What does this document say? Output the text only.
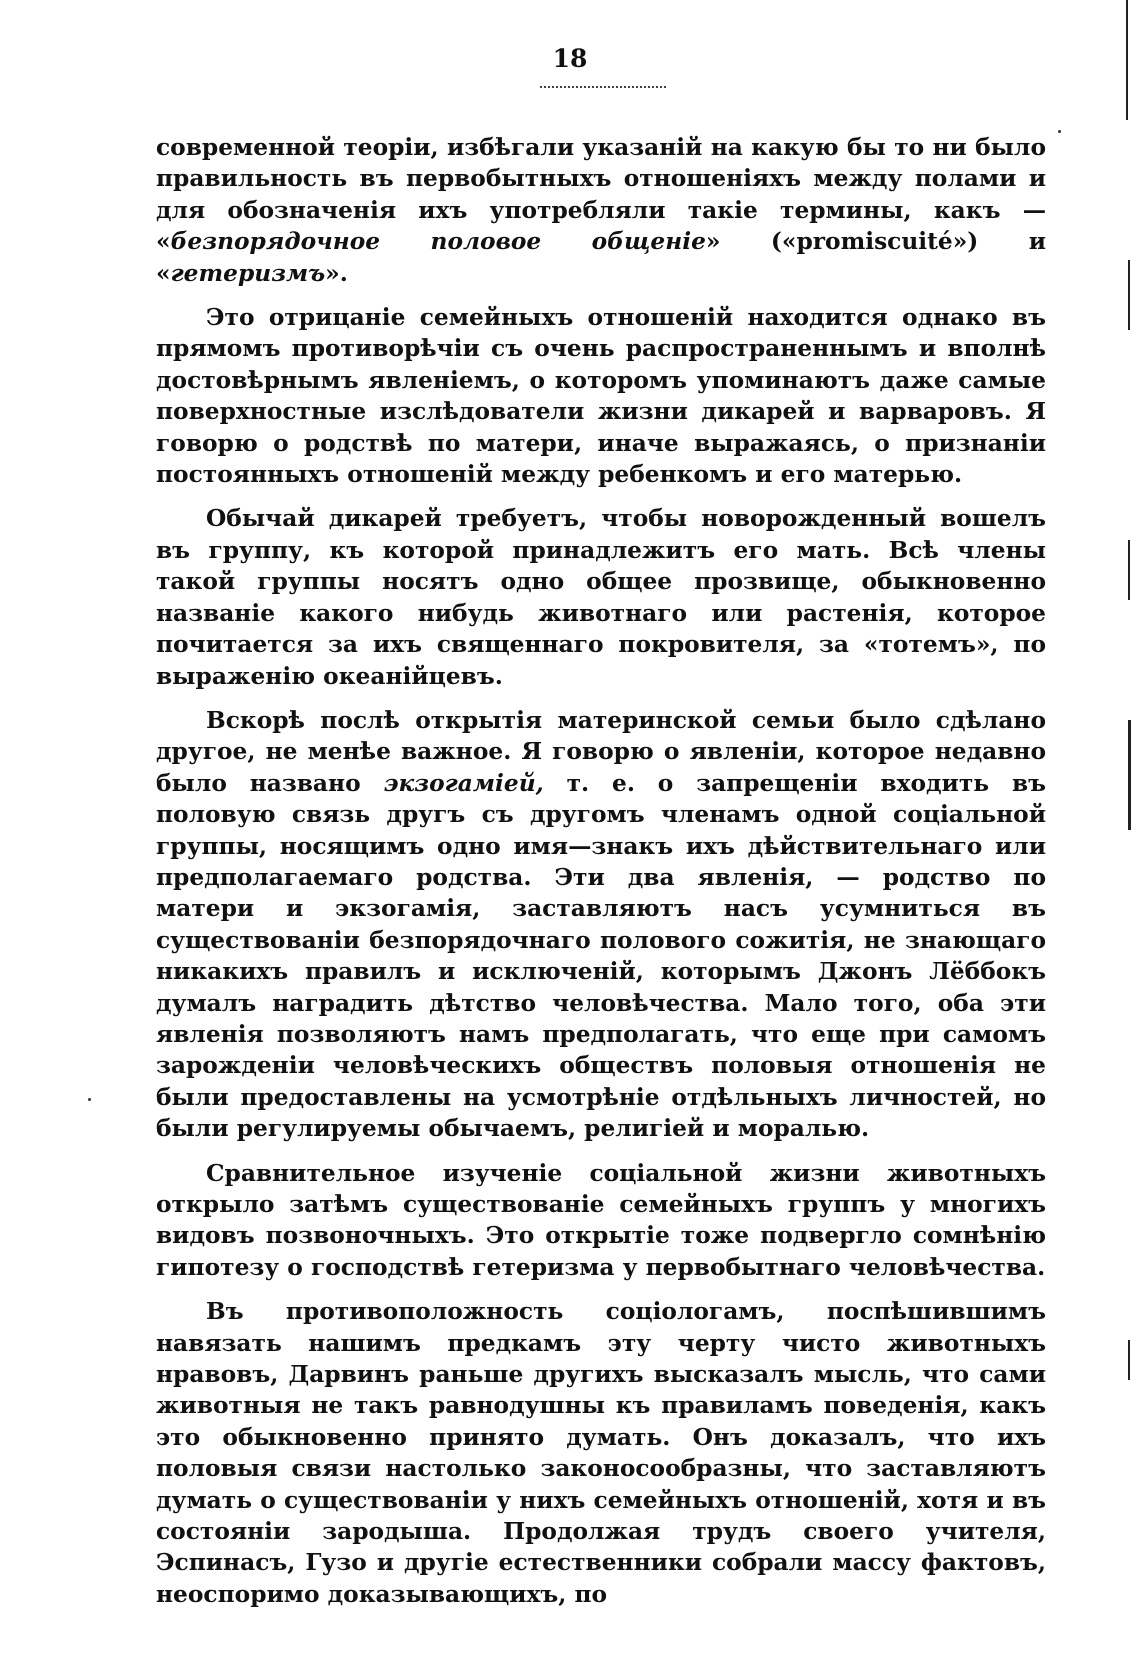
18

современной теоріи, избѣгали указаній на какую бы то ни было правильность въ первобытныхъ отношеніяхъ между полами и для обозначенія ихъ употребляли такіе термины, какъ — «безпорядочное половое общеніе» («promiscuité») и «гетеризмъ».

Это отрицаніе семейныхъ отношеній находится однако въ прямомъ противорѣчіи съ очень распространеннымъ и вполнѣ достовѣрнымъ явленіемъ, о которомъ упоминаютъ даже самые поверхностные изслѣдователи жизни дикарей и варваровъ. Я говорю о родствѣ по матери, иначе выражаясь, о признаніи постоянныхъ отношеній между ребенкомъ и его матерью.

Обычай дикарей требуетъ, чтобы новорожденный вошелъ въ группу, къ которой принадлежитъ его мать. Всѣ члены такой группы носятъ одно общее прозвище, обыкновенно названіе какого нибудь животнаго или растенія, которое почитается за ихъ священнаго покровителя, за «тотемъ», по выраженію океанійцевъ.

Вскорѣ послѣ открытія материнской семьи было сдѣлано другое, не менѣе важное. Я говорю о явленіи, которое недавно было названо экзогамiей, т. е. о запрещеніи входить въ половую связь другъ съ другомъ членамъ одной соціальной группы, носящимъ одно имя—знакъ ихъ дѣйствительнаго или предполагаемаго родства. Эти два явленія, — родство по матери и экзогамія, заставляютъ насъ усумниться въ существованіи безпорядочнаго полового сожитія, не знающаго никакихъ правилъ и исключеній, которымъ Джонъ Лёббокъ думалъ наградить дѣтство человѣчества. Мало того, оба эти явленія позволяютъ намъ предполагать, что еще при самомъ зарожденіи человѣческихъ обществъ половыя отношенія не были предоставлены на усмотрѣніе отдѣльныхъ личностей, но были регулируемы обычаемъ, религіей и моралью.

Сравнительное изученіе соціальной жизни животныхъ открыло затѣмъ существованіе семейныхъ группъ у многихъ видовъ позвоночныхъ. Это открытіе тоже подвергло сомнѣнію гипотезу о господствѣ гетеризма у первобытнаго человѣчества.

Въ противоположность соціологамъ, поспѣшившимъ навязать нашимъ предкамъ эту черту чисто животныхъ нравовъ, Дарвинъ раньше другихъ высказалъ мысль, что сами животныя не такъ равнодушны къ правиламъ поведенія, какъ это обыкновенно принято думать. Онъ доказалъ, что ихъ половыя связи настолько законосообразны, что заставляютъ думать о существованіи у нихъ семейныхъ отношеній, хотя и въ состояніи зародыша. Продолжая трудъ своего учителя, Эспинасъ, Гузо и другіе естественники собрали массу фактовъ, неоспоримо доказывающихъ, по
